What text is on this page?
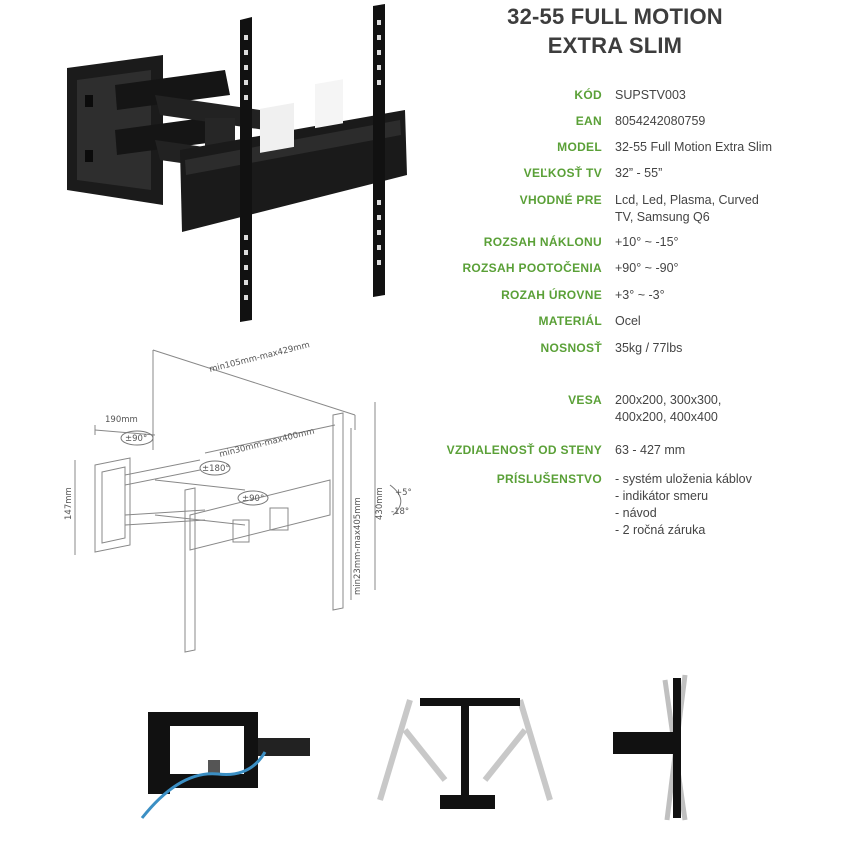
32-55 FULL MOTION
EXTRA SLIM
KÓD SUPSTV003
EAN 8054242080759
MODEL 32-55 Full Motion Extra Slim
VEĽKOSŤ TV 32” - 55”
VHODNÉ PRE Lcd, Led, Plasma, Curved
TV, Samsung Q6
ROZSAH NÁKLONU +10° ~ -15°
ROZSAH POOTOČENIA +90° ~ -90°
ROZAH ÚROVNE +3° ~ -3°
MATERIÁL Ocel
NOSNOSŤ 35kg / 77lbs
VESA 200x200, 300x300,
400x200, 400x400
VZDIALENOSŤ OD STENY 63 - 427 mm
PRÍSLUŠENSTVO - systém uloženia káblov
- indikátor smeru
- návod
- 2 ročná záruka
min105mm-max429mm
190mm
min30mm-max400mm
147mm	430mm
min23mm-max405mm
±90°
±180°
±90°
+5°
-18°
